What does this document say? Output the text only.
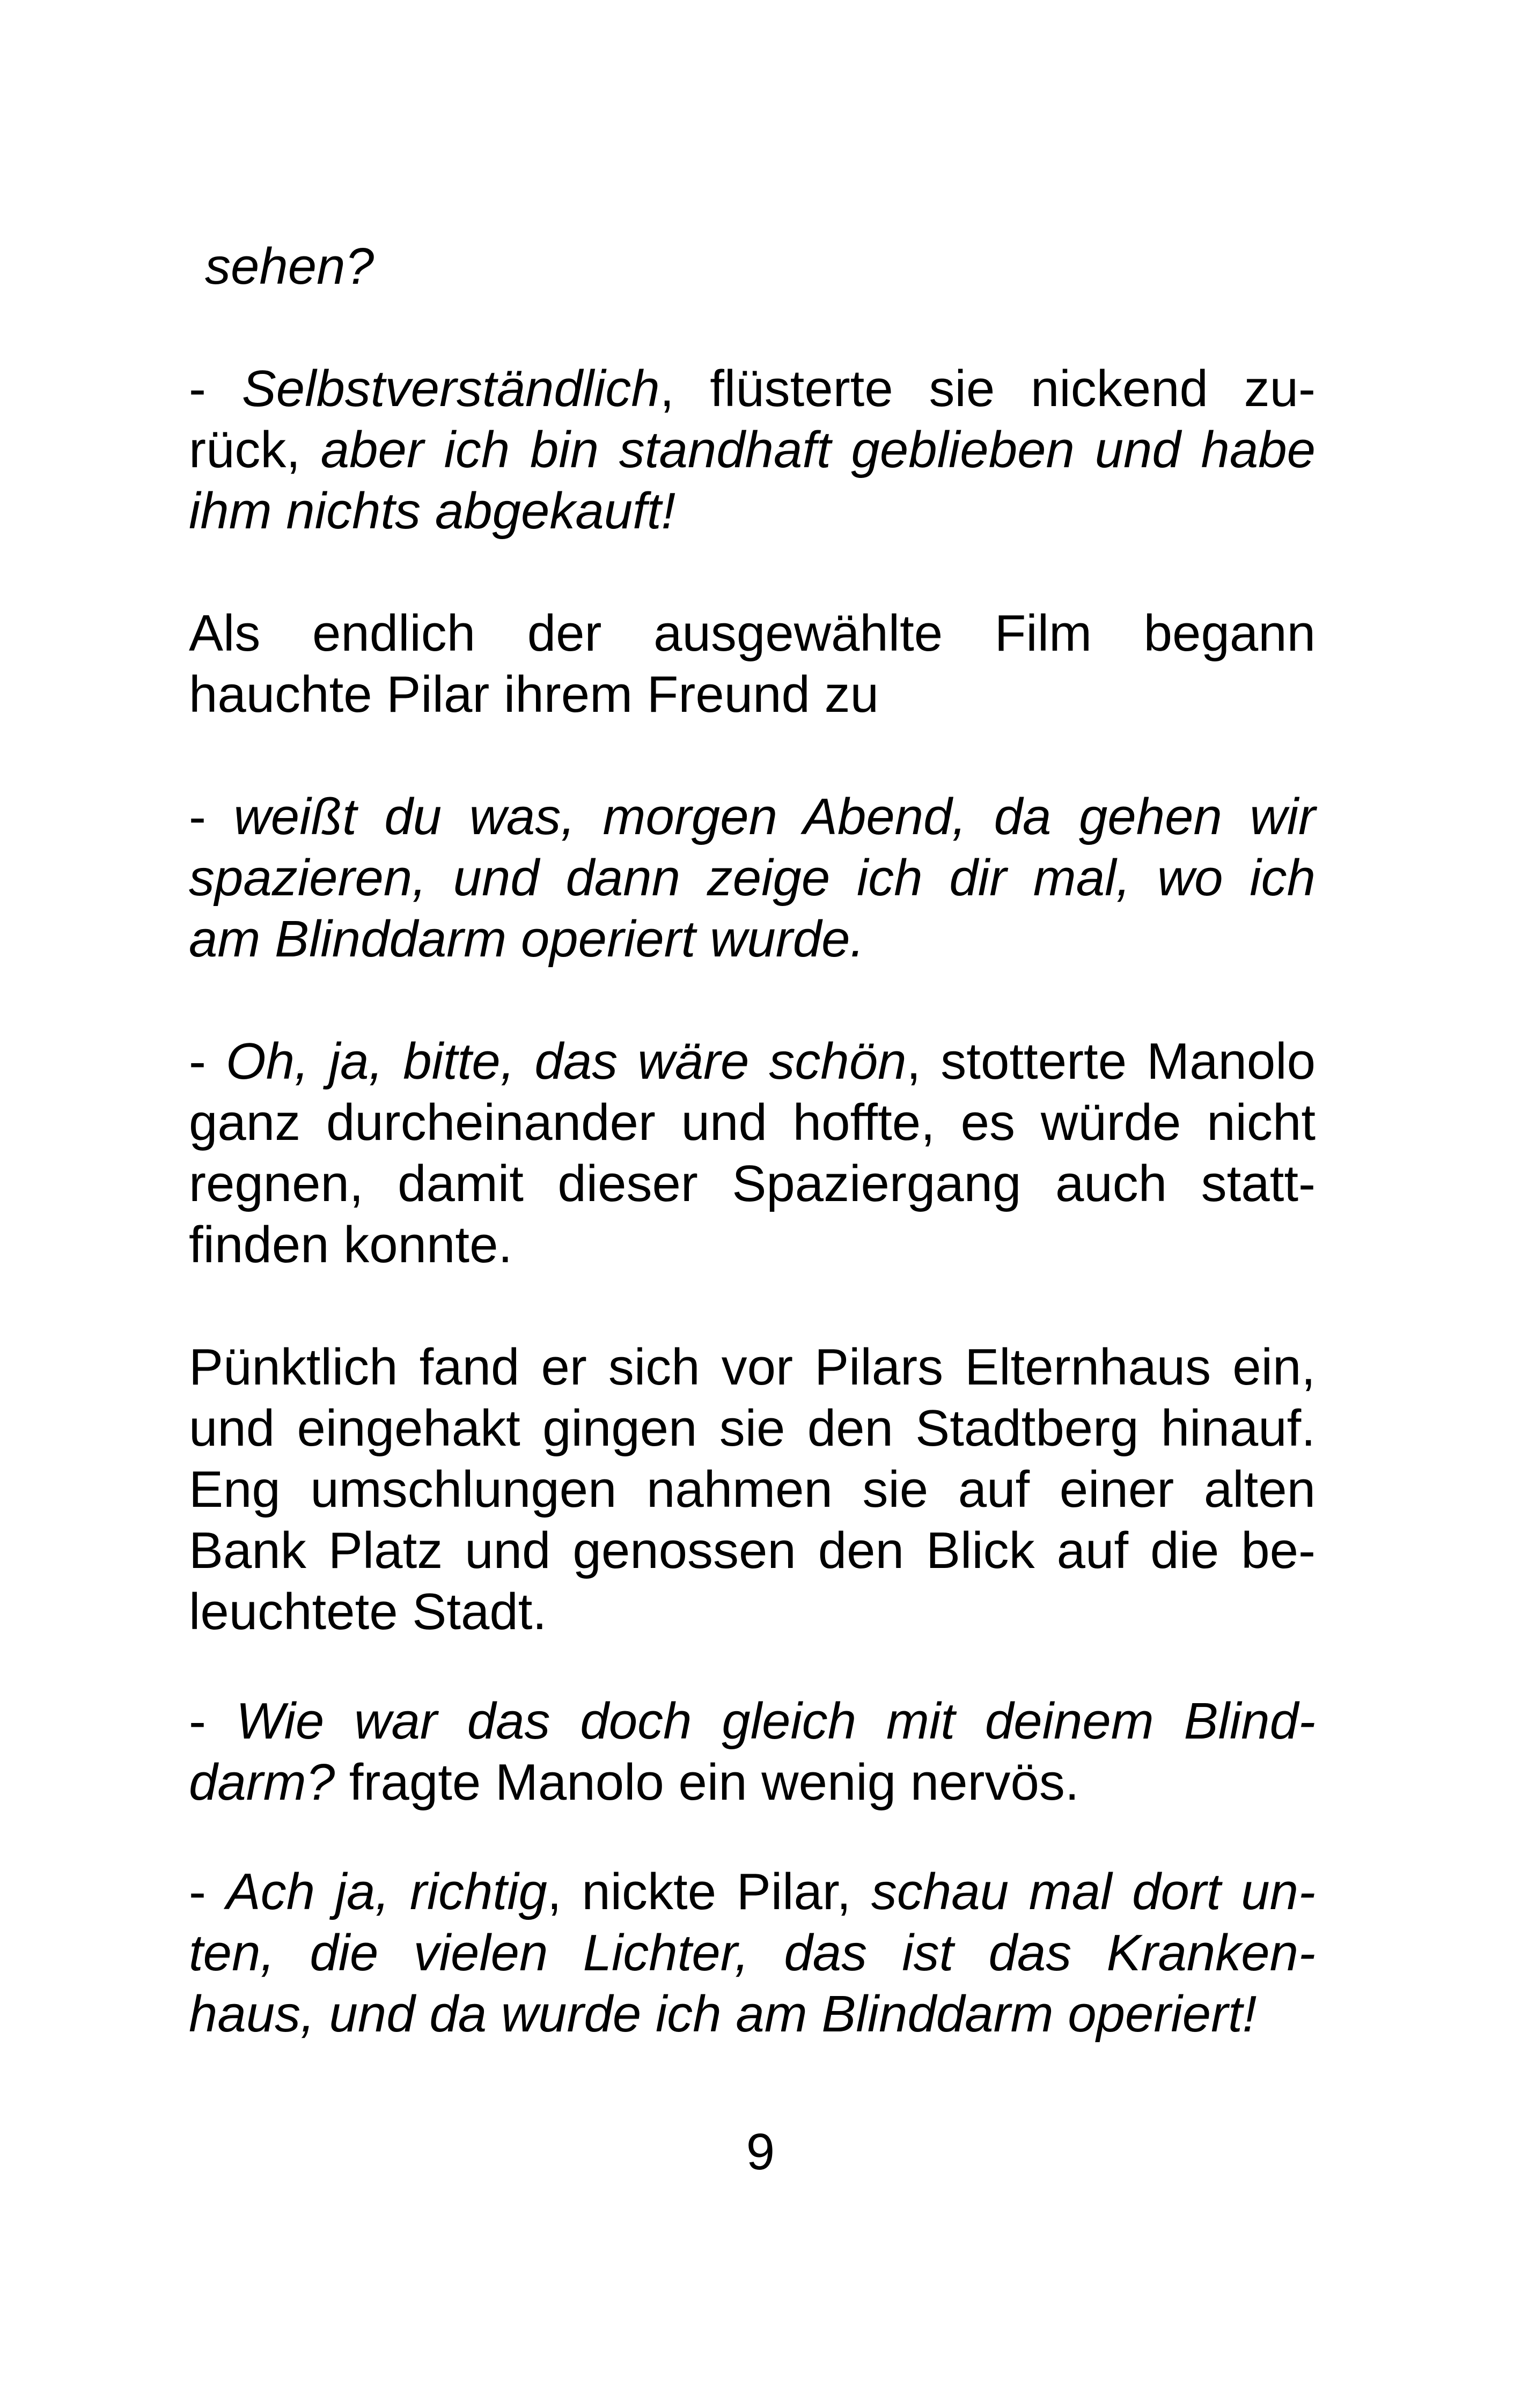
sehen?
- Selbstverständlich, flüsterte sie nickend zu-
rück, aber ich bin standhaft geblieben und habe
ihm nichts abgekauft!
Als endlich der ausgewählte Film begann
hauchte Pilar ihrem Freund zu
- weißt du was, morgen Abend, da gehen wir
spazieren, und dann zeige ich dir mal, wo ich
am Blinddarm operiert wurde.
- Oh, ja, bitte, das wäre schön, stotterte Manolo
ganz durcheinander und hoffte, es würde nicht
regnen, damit dieser Spaziergang auch statt-
finden konnte.
Pünktlich fand er sich vor Pilars Elternhaus ein,
und eingehakt gingen sie den Stadtberg hinauf.
Eng umschlungen nahmen sie auf einer alten
Bank Platz und genossen den Blick auf die be-
leuchtete Stadt.
- Wie war das doch gleich mit deinem Blind-
darm? fragte Manolo ein wenig nervös.
- Ach ja, richtig, nickte Pilar, schau mal dort un-
ten, die vielen Lichter, das ist das Kranken-
haus, und da wurde ich am Blinddarm operiert!
9
